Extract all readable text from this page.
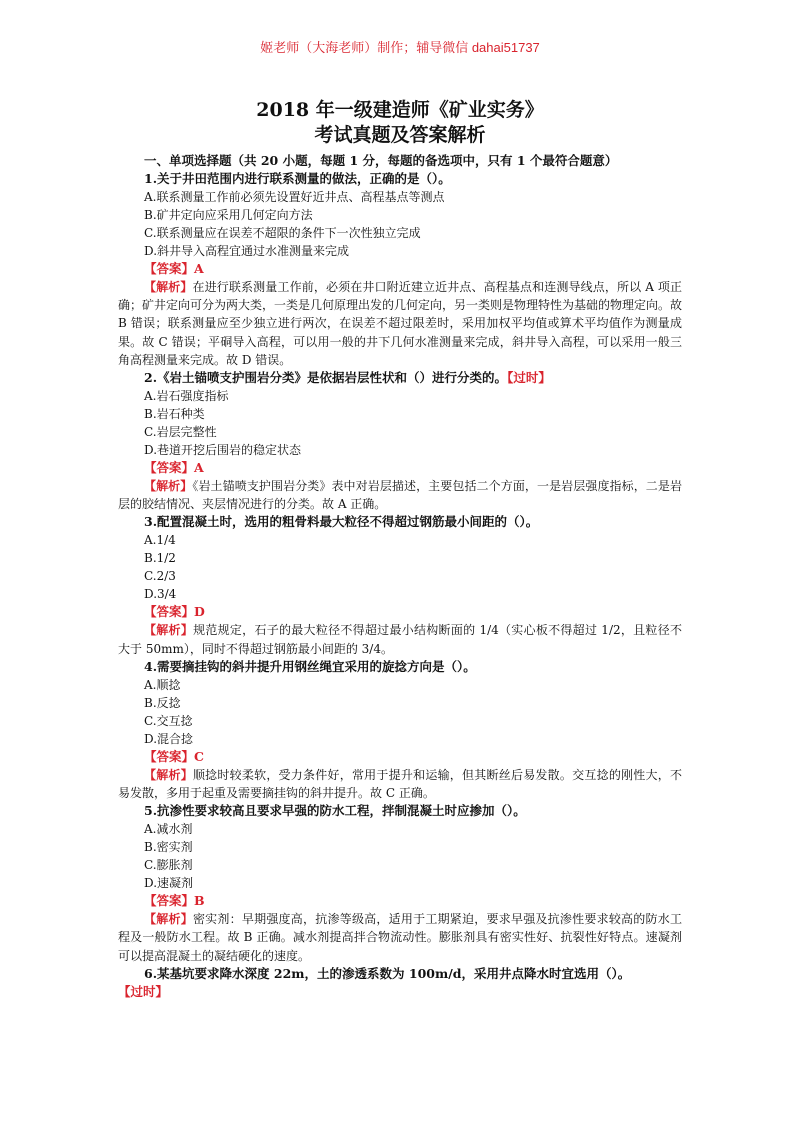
姬老师（大海老师）制作；辅导微信 dahai51737
2018 年一级建造师《矿业实务》
考试真题及答案解析
一、单项选择题（共 20 小题，每题 1 分，每题的备选项中，只有 1 个最符合题意）
1.关于井田范围内进行联系测量的做法，正确的是（）。
A.联系测量工作前必须先设置好近井点、高程基点等测点
B.矿井定向应采用几何定向方法
C.联系测量应在误差不超限的条件下一次性独立完成
D.斜井导入高程宜通过水准测量来完成
【答案】A
【解析】在进行联系测量工作前，必须在井口附近建立近井点、高程基点和连测导线点，所以 A 项正确；矿井定向可分为两大类，一类是几何原理出发的几何定向，另一类则是物理特性为基础的物理定向。故 B 错误；联系测量应至少独立进行两次，在误差不超过限差时，采用加权平均值或算术平均值作为测量成果。故 C 错误；平硐导入高程，可以用一般的井下几何水准测量来完成，斜井导入高程，可以采用一般三角高程测量来完成。故 D 错误。
2.《岩土锚喷支护围岩分类》是依据岩层性状和（）进行分类的。【过时】
A.岩石强度指标
B.岩石种类
C.岩层完整性
D.巷道开挖后围岩的稳定状态
【答案】A
【解析】《岩土锚喷支护围岩分类》表中对岩层描述，主要包括二个方面，一是岩层强度指标，二是岩层的胶结情况、夹层情况进行的分类。故 A 正确。
3.配置混凝土时，选用的粗骨料最大粒径不得超过钢筋最小间距的（）。
A.1/4
B.1/2
C.2/3
D.3/4
【答案】D
【解析】规范规定，石子的最大粒径不得超过最小结构断面的 1/4（实心板不得超过 1/2，且粒径不大于 50mm），同时不得超过钢筋最小间距的 3/4。
4.需要摘挂钩的斜井提升用钢丝绳宜采用的旋捻方向是（）。
A.顺捻
B.反捻
C.交互捻
D.混合捻
【答案】C
【解析】顺捻时较柔软，受力条件好，常用于提升和运输，但其断丝后易发散。交互捻的刚性大，不易发散，多用于起重及需要摘挂钩的斜井提升。故 C 正确。
5.抗渗性要求较高且要求早强的防水工程，拌制混凝土时应掺加（）。
A.减水剂
B.密实剂
C.膨胀剂
D.速凝剂
【答案】B
【解析】密实剂：早期强度高，抗渗等级高，适用于工期紧迫，要求早强及抗渗性要求较高的防水工程及一般防水工程。故 B 正确。减水剂提高拌合物流动性。膨胀剂具有密实性好、抗裂性好特点。速凝剂可以提高混凝土的凝结硬化的速度。
6.某基坑要求降水深度 22m，土的渗透系数为 100m/d，采用井点降水时宜选用（）。
【过时】
